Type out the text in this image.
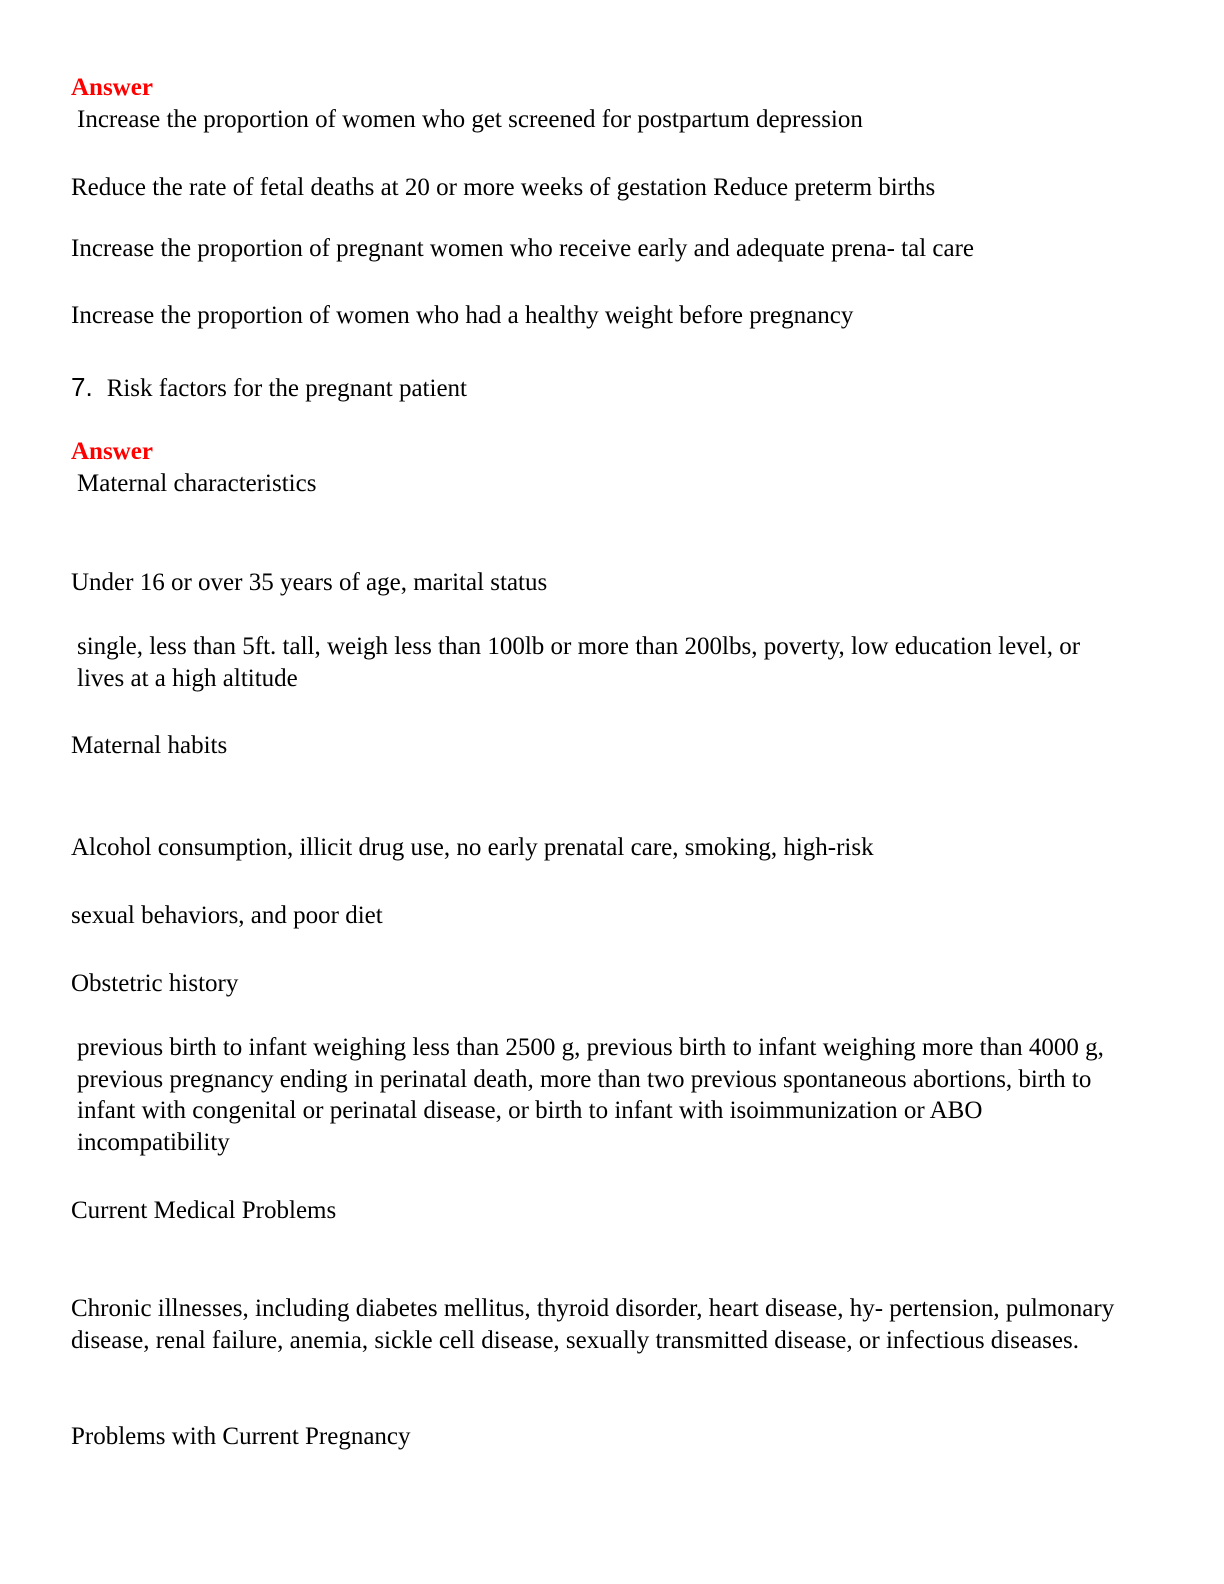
Answer
Increase the proportion of women who get screened for postpartum depression
Reduce the rate of fetal deaths at 20 or more weeks of gestation Reduce preterm births
Increase the proportion of pregnant women who receive early and adequate prena- tal care
Increase the proportion of women who had a healthy weight before pregnancy
7. Risk factors for the pregnant patient
Answer
Maternal characteristics
Under 16 or over 35 years of age, marital status
single, less than 5ft. tall, weigh less than 100lb or more than 200lbs, poverty, low education level, or lives at a high altitude
Maternal habits
Alcohol consumption, illicit drug use, no early prenatal care, smoking, high-risk
sexual behaviors, and poor diet
Obstetric history
previous birth to infant weighing less than 2500 g, previous birth to infant weighing more than 4000 g, previous pregnancy ending in perinatal death, more than two previous spontaneous abortions, birth to infant with congenital or perinatal disease, or birth to infant with isoimmunization or ABO incompatibility
Current Medical Problems
Chronic illnesses, including diabetes mellitus, thyroid disorder, heart disease, hy- pertension, pulmonary disease, renal failure, anemia, sickle cell disease, sexually transmitted disease, or infectious diseases.
Problems with Current Pregnancy
